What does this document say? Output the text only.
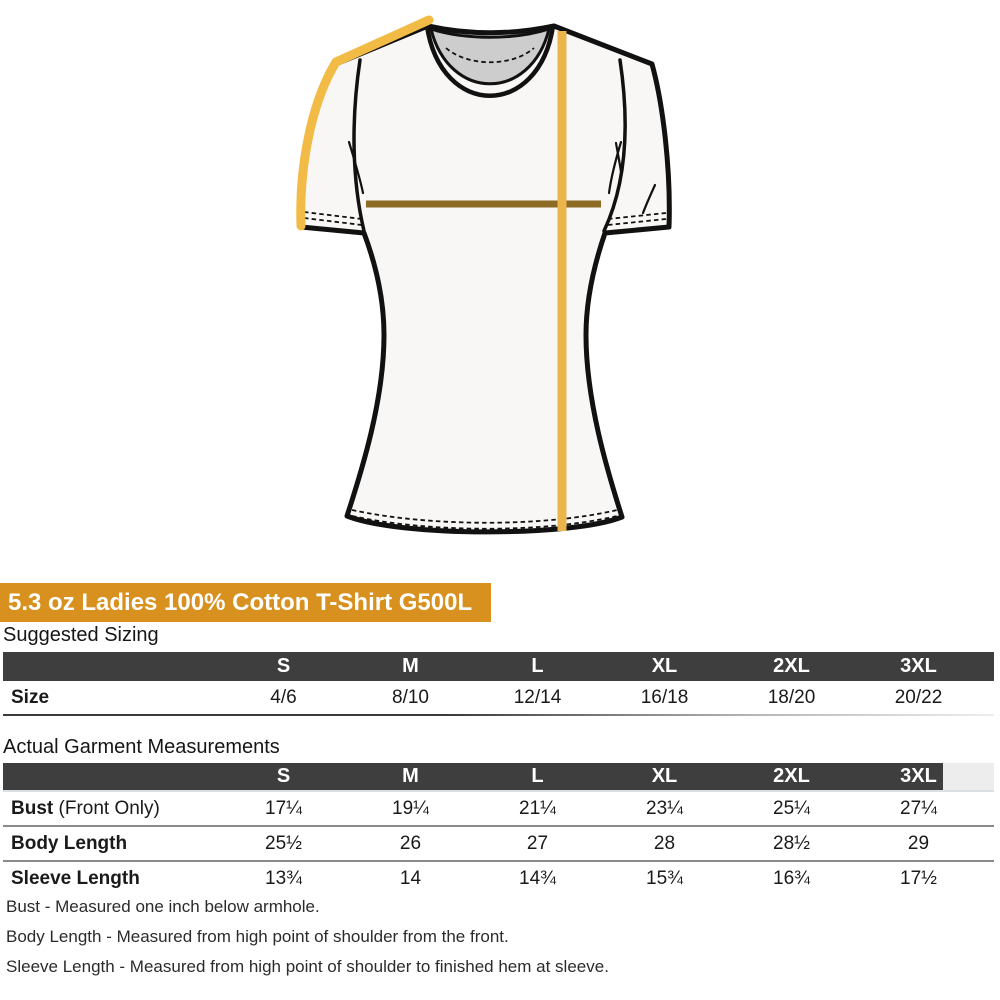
5.3 oz Ladies 100% Cotton T-Shirt G500L
Suggested Sizing
S	M	L	XL	2XL	3XL
Size	4/6	8/10	12/14	16/18	18/20	20/22
Actual Garment Measurements
S	M	L	XL	2XL	3XL
Bust (Front Only)	17¼	19¼	21¼	23¼	25¼	27¼
Body Length	25½	26	27	28	28½	29
Sleeve Length	13¾	14	14¾	15¾	16¾	17½
Bust - Measured one inch below armhole.
Body Length - Measured from high point of shoulder from the front.
Sleeve Length - Measured from high point of shoulder to finished hem at sleeve.
